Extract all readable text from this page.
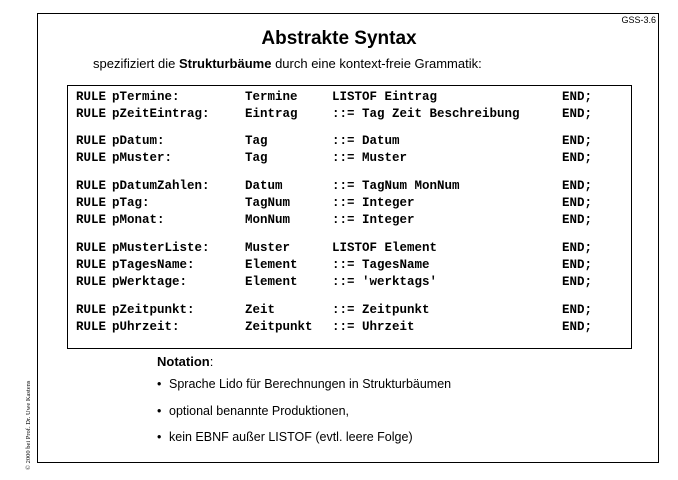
GSS-3.6
Abstrakte Syntax
spezifiziert die Strukturbäume durch eine kontext-freie Grammatik:

RULE pTermine:	Termine	LISTOF Eintrag	END;

RULE pZeitEintrag:	Eintrag	::= Tag Zeit Beschreibung	END;

RULE pDatum:	Tag	::= Datum	END;

RULE pMuster:	Tag	::= Muster	END;

RULE pDatumZahlen:	Datum	::= TagNum MonNum	END;

RULE pTag:	TagNum	::= Integer	END;

RULE pMonat:	MonNum	::= Integer	END;

RULE pMusterListe:	Muster	LISTOF Element	END;

RULE pTagesName:	Element	::= TagesName	END;

RULE pWerktage:	Element	::= 'werktags'	END;

RULE pZeitpunkt:	Zeit	::= Zeitpunkt	END;

RULE pUhrzeit:	Zeitpunkt ::= Uhrzeit	END;

Notation:
• Sprache Lido für Berechnungen in Strukturbäumen
• optional benannte Produktionen,
• kein EBNF außer LISTOF (evtl. leere Folge)
© 2000 bei Prof. Dr. Uwe Kastens
